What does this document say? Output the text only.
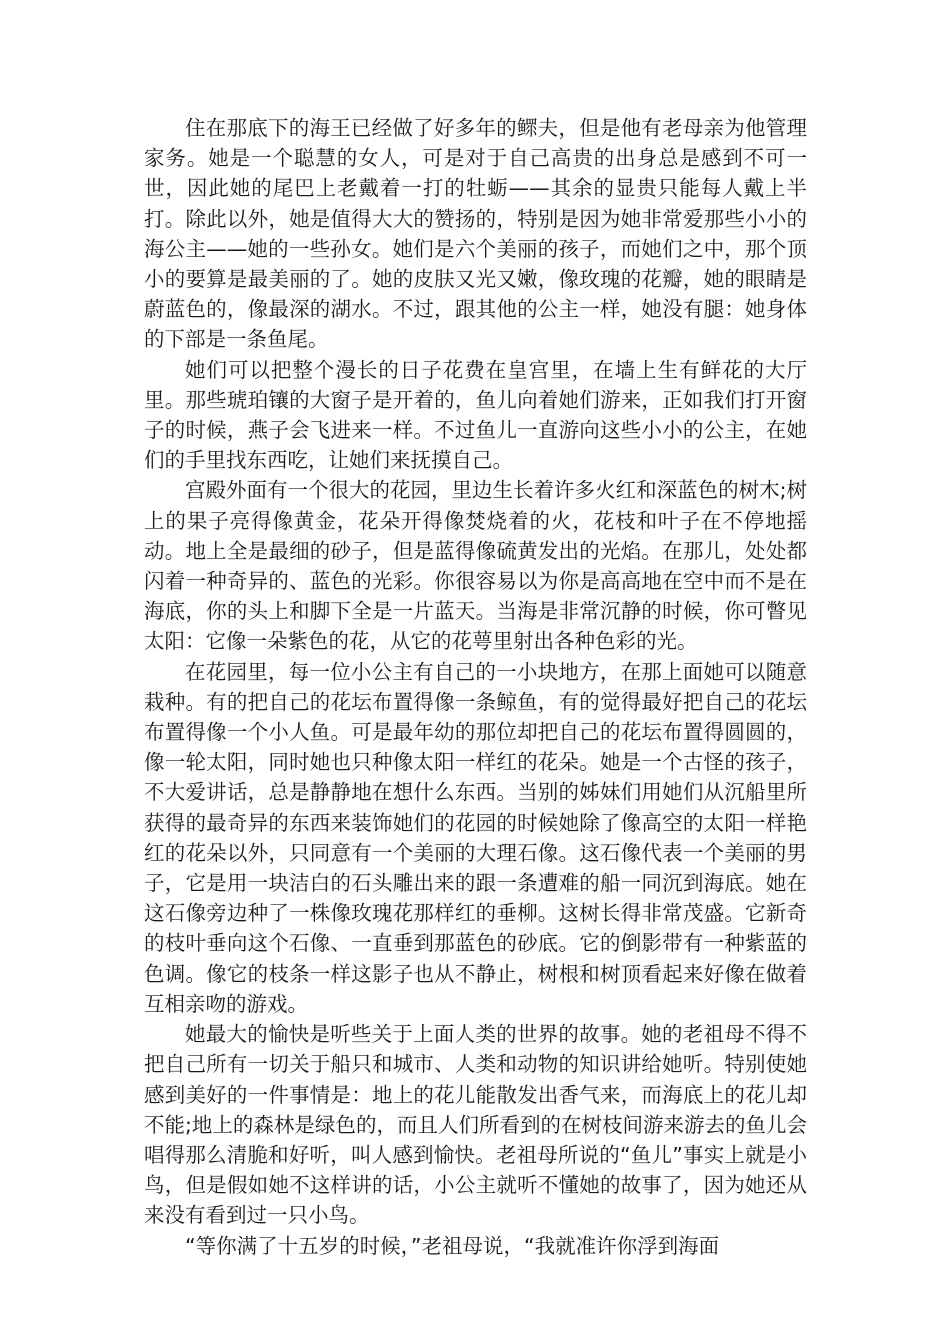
住在那底下的海王已经做了好多年的鳏夫，但是他有老母亲为他管理家务。她是一个聪慧的女人，可是对于自己高贵的出身总是感到不可一世，因此她的尾巴上老戴着一打的牡蛎——其余的显贵只能每人戴上半打。除此以外，她是值得大大的赞扬的，特别是因为她非常爱那些小小的海公主——她的一些孙女。她们是六个美丽的孩子，而她们之中，那个顶小的要算是最美丽的了。她的皮肤又光又嫩，像玫瑰的花瓣，她的眼睛是蔚蓝色的，像最深的湖水。不过，跟其他的公主一样，她没有腿：她身体的下部是一条鱼尾。

她们可以把整个漫长的日子花费在皇宫里，在墙上生有鲜花的大厅里。那些琥珀镶的大窗子是开着的，鱼儿向着她们游来，正如我们打开窗子的时候，燕子会飞进来一样。不过鱼儿一直游向这些小小的公主，在她们的手里找东西吃，让她们来抚摸自己。

宫殿外面有一个很大的花园，里边生长着许多火红和深蓝色的树木;树上的果子亮得像黄金，花朵开得像焚烧着的火，花枝和叶子在不停地摇动。地上全是最细的砂子，但是蓝得像硫黄发出的光焰。在那儿，处处都闪着一种奇异的、蓝色的光彩。你很容易以为你是高高地在空中而不是在海底，你的头上和脚下全是一片蓝天。当海是非常沉静的时候，你可瞥见太阳：它像一朵紫色的花，从它的花萼里射出各种色彩的光。

在花园里，每一位小公主有自己的一小块地方，在那上面她可以随意栽种。有的把自己的花坛布置得像一条鲸鱼，有的觉得最好把自己的花坛布置得像一个小人鱼。可是最年幼的那位却把自己的花坛布置得圆圆的，像一轮太阳，同时她也只种像太阳一样红的花朵。她是一个古怪的孩子，不大爱讲话，总是静静地在想什么东西。当别的姊妹们用她们从沉船里所获得的最奇异的东西来装饰她们的花园的时候她除了像高空的太阳一样艳红的花朵以外，只同意有一个美丽的大理石像。这石像代表一个美丽的男子，它是用一块洁白的石头雕出来的跟一条遭难的船一同沉到海底。她在这石像旁边种了一株像玫瑰花那样红的垂柳。这树长得非常茂盛。它新奇的枝叶垂向这个石像、一直垂到那蓝色的砂底。它的倒影带有一种紫蓝的色调。像它的枝条一样这影子也从不静止，树根和树顶看起来好像在做着互相亲吻的游戏。

她最大的愉快是听些关于上面人类的世界的故事。她的老祖母不得不把自己所有一切关于船只和城市、人类和动物的知识讲给她听。特别使她感到美好的一件事情是：地上的花儿能散发出香气来，而海底上的花儿却不能;地上的森林是绿色的，而且人们所看到的在树枝间游来游去的鱼儿会唱得那么清脆和好听，叫人感到愉快。老祖母所说的“鱼儿”事实上就是小鸟，但是假如她不这样讲的话，小公主就听不懂她的故事了，因为她还从来没有看到过一只小鸟。

“等你满了十五岁的时候，”老祖母说，“我就准许你浮到海面
